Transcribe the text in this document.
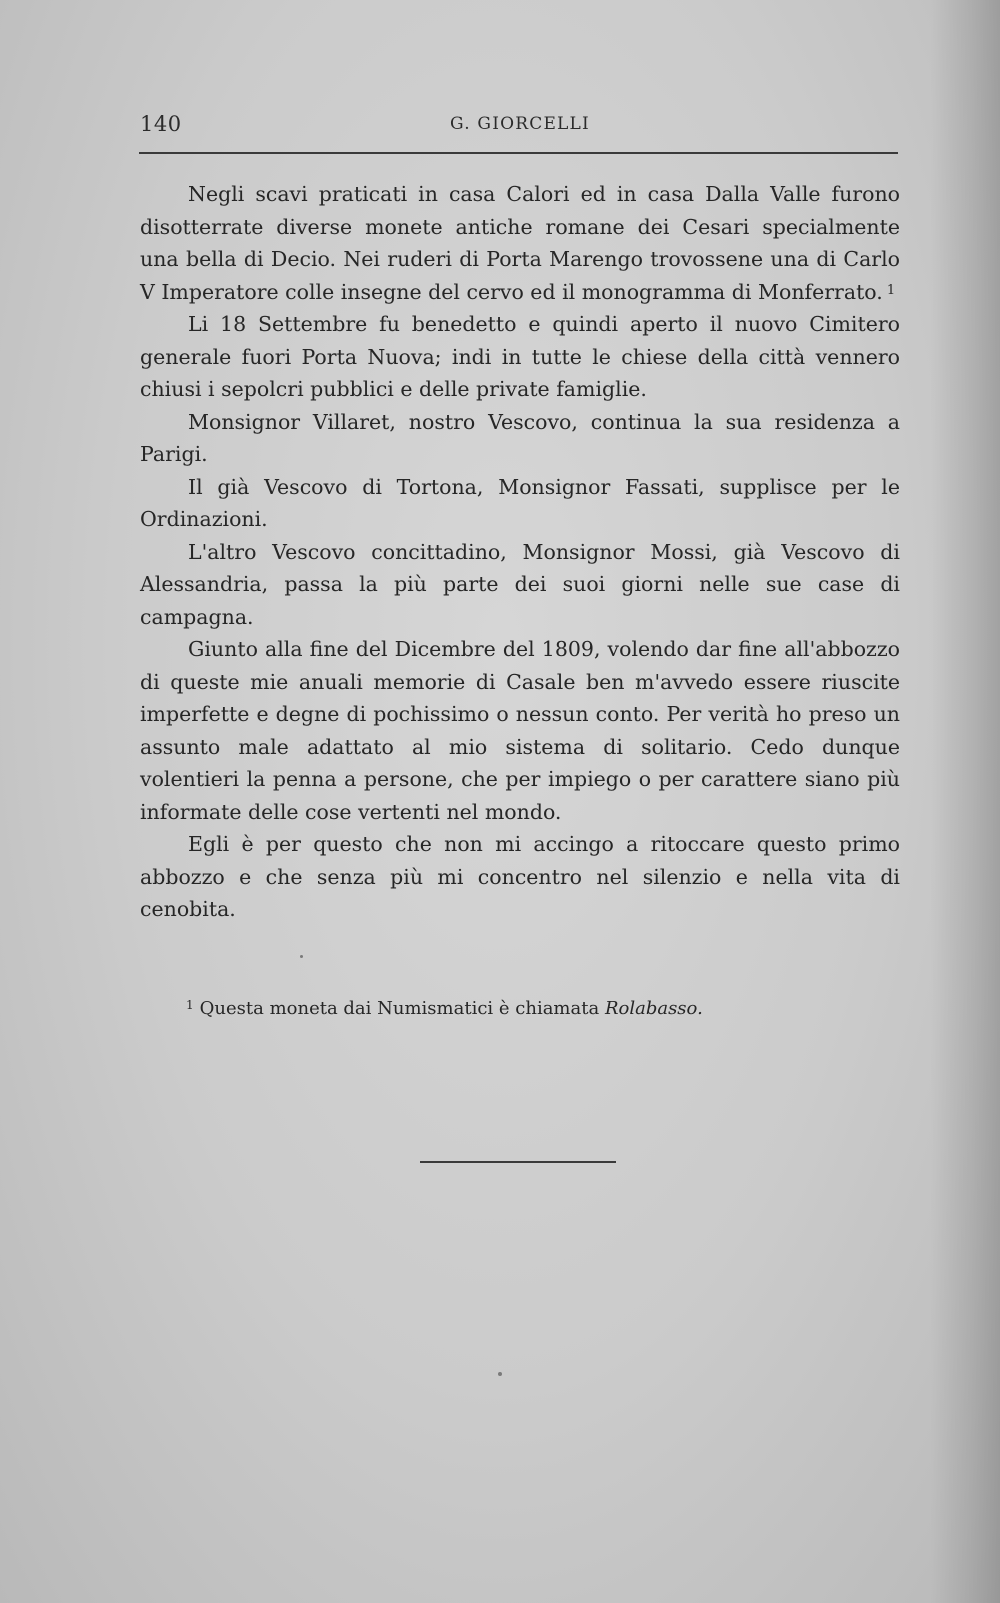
140	G. GIORCELLI

Negli scavi praticati in casa Calori ed in casa Dalla Valle furono disotterrate diverse monete antiche romane dei Cesari specialmente una bella di Decio. Nei ruderi di Porta Marengo trovossene una di Carlo V Imperatore colle insegne del cervo ed il monogramma di Monferrato. $^1$

Li 18 Settembre fu benedetto e quindi aperto il nuovo Cimitero generale fuori Porta Nuova; indi in tutte le chiese della città vennero chiusi i sepolcri pubblici e delle private famiglie.

Monsignor Villaret, nostro Vescovo, continua la sua residenza a Parigi.

Il già Vescovo di Tortona, Monsignor Fassati, supplisce per le Ordinazioni.

L'altro Vescovo concittadino, Monsignor Mossi, già Vescovo di Alessandria, passa la più parte dei suoi giorni nelle sue case di campagna.

Giunto alla fine del Dicembre del 1809, volendo dar fine all'abbozzo di queste mie anuali memorie di Casale ben m'avvedo essere riuscite imperfette e degne di pochissimo o nessun conto. Per verità ho preso un assunto male adattato al mio sistema di solitario. Cedo dunque volentieri la penna a persone, che per impiego o per carattere siano più informate delle cose vertenti nel mondo.

Egli è per questo che non mi accingo a ritoccare questo primo abbozzo e che senza più mi concentro nel silenzio e nella vita di cenobita.

$^1$ Questa moneta dai Numismatici è chiamata Rolabasso.
